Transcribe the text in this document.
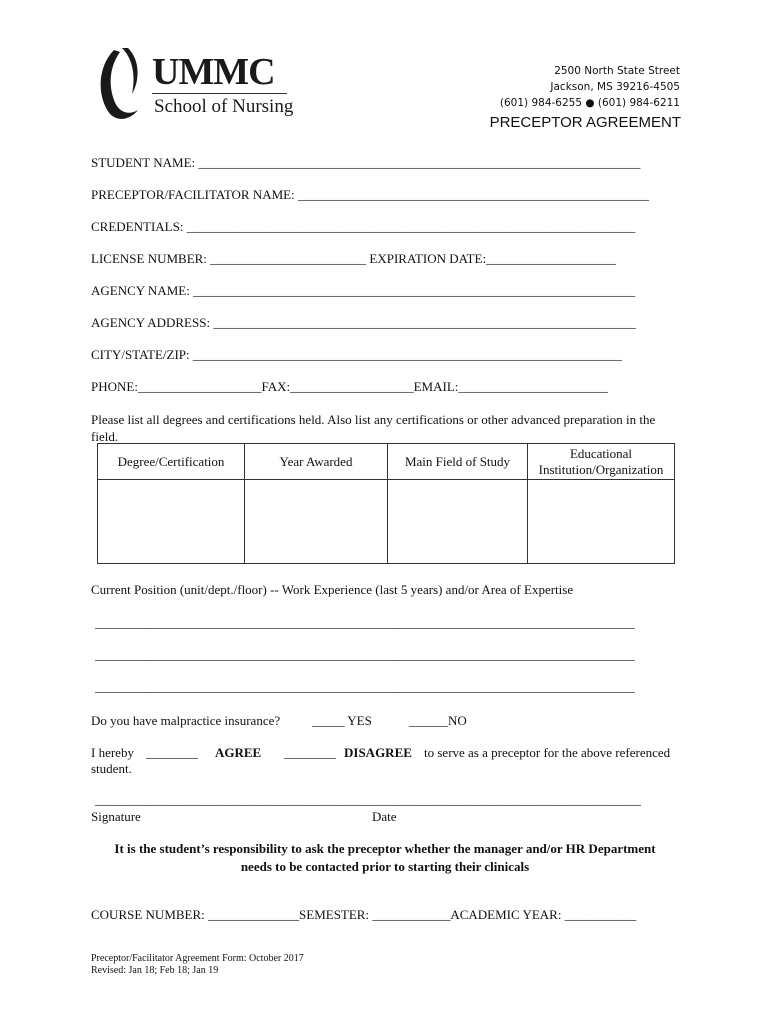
UMMC
School of Nursing
2500 North State Street
Jackson, MS 39216-4505
(601) 984-6255 ● (601) 984-6211
PRECEPTOR AGREEMENT
STUDENT NAME: ____________________________________________________________________
PRECEPTOR/FACILITATOR NAME: ______________________________________________________
CREDENTIALS: _____________________________________________________________________
LICENSE NUMBER: ________________________ EXPIRATION DATE:____________________
AGENCY NAME: ____________________________________________________________________
AGENCY ADDRESS: _________________________________________________________________
CITY/STATE/ZIP: __________________________________________________________________
PHONE:___________________FAX:___________________EMAIL:_______________________
Please list all degrees and certifications held. Also list any certifications or other advanced preparation in the field.
Degree/Certification	Year Awarded	Main Field of Study	Educational
Institution/Organization

Current Position (unit/dept./floor) -- Work Experience (last 5 years) and/or Area of Expertise
_______________________________________________________________________________________
_______________________________________________________________________________________
_______________________________________________________________________________________
Do you have malpractice insurance? _____ YES	______NO
I hereby ________ AGREE ________ DISAGREE to serve as a preceptor for the above referenced
student.
________________________________________________________________________________________
Signature	Date
It is the student’s responsibility to ask the preceptor whether the manager and/or HR Department
needs to be contacted prior to starting their clinicals
COURSE NUMBER: ______________SEMESTER: ____________ACADEMIC YEAR: ___________
Preceptor/Facilitator Agreement Form: October 2017
Revised: Jan 18; Feb 18; Jan 19
